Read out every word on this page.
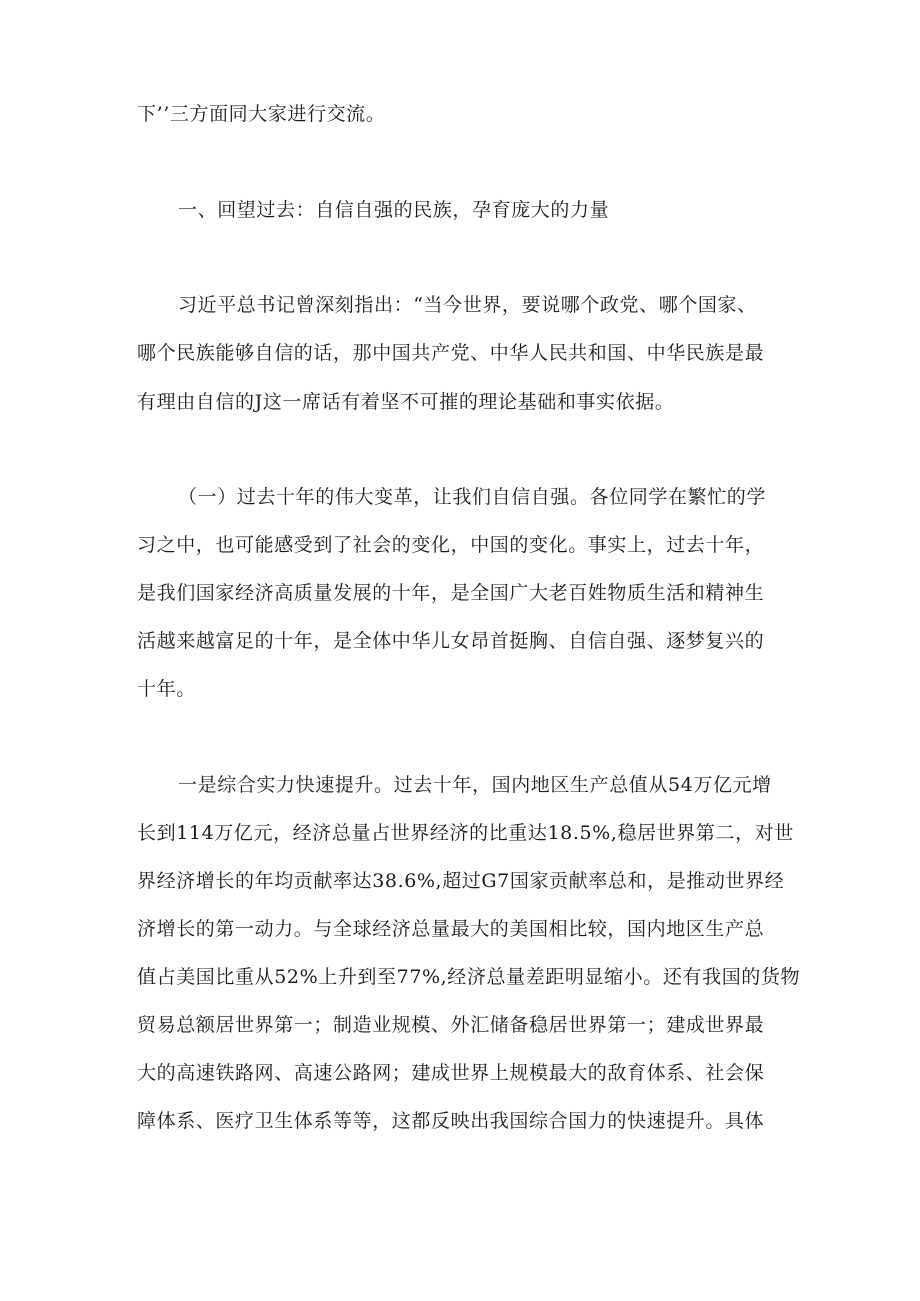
下’’三方面同大家进行交流。
一、回望过去：自信自强的民族，孕育庞大的力量
习近平总书记曾深刻指出：“当今世界，要说哪个政党、哪个国家、
哪个民族能够自信的话，那中国共产党、中华人民共和国、中华民族是最
有理由自信的J这一席话有着坚不可摧的理论基础和事实依据。
（一）过去十年的伟大变革，让我们自信自强。各位同学在繁忙的学
习之中，也可能感受到了社会的变化，中国的变化。事实上，过去十年，
是我们国家经济高质量发展的十年，是全国广大老百姓物质生活和精神生
活越来越富足的十年，是全体中华儿女昂首挺胸、自信自强、逐梦复兴的
十年。
一是综合实力快速提升。过去十年，国内地区生产总值从54万亿元增
长到114万亿元，经济总量占世界经济的比重达18.5%,稳居世界第二，对世
界经济增长的年均贡献率达38.6%,超过G7国家贡献率总和，是推动世界经
济增长的第一动力。与全球经济总量最大的美国相比较，国内地区生产总
值占美国比重从52%上升到至77%,经济总量差距明显缩小。还有我国的货物
贸易总额居世界第一；制造业规模、外汇储备稳居世界第一；建成世界最
大的高速铁路网、高速公路网；建成世界上规模最大的敌育体系、社会保
障体系、医疗卫生体系等等，这都反映出我国综合国力的快速提升。具体
